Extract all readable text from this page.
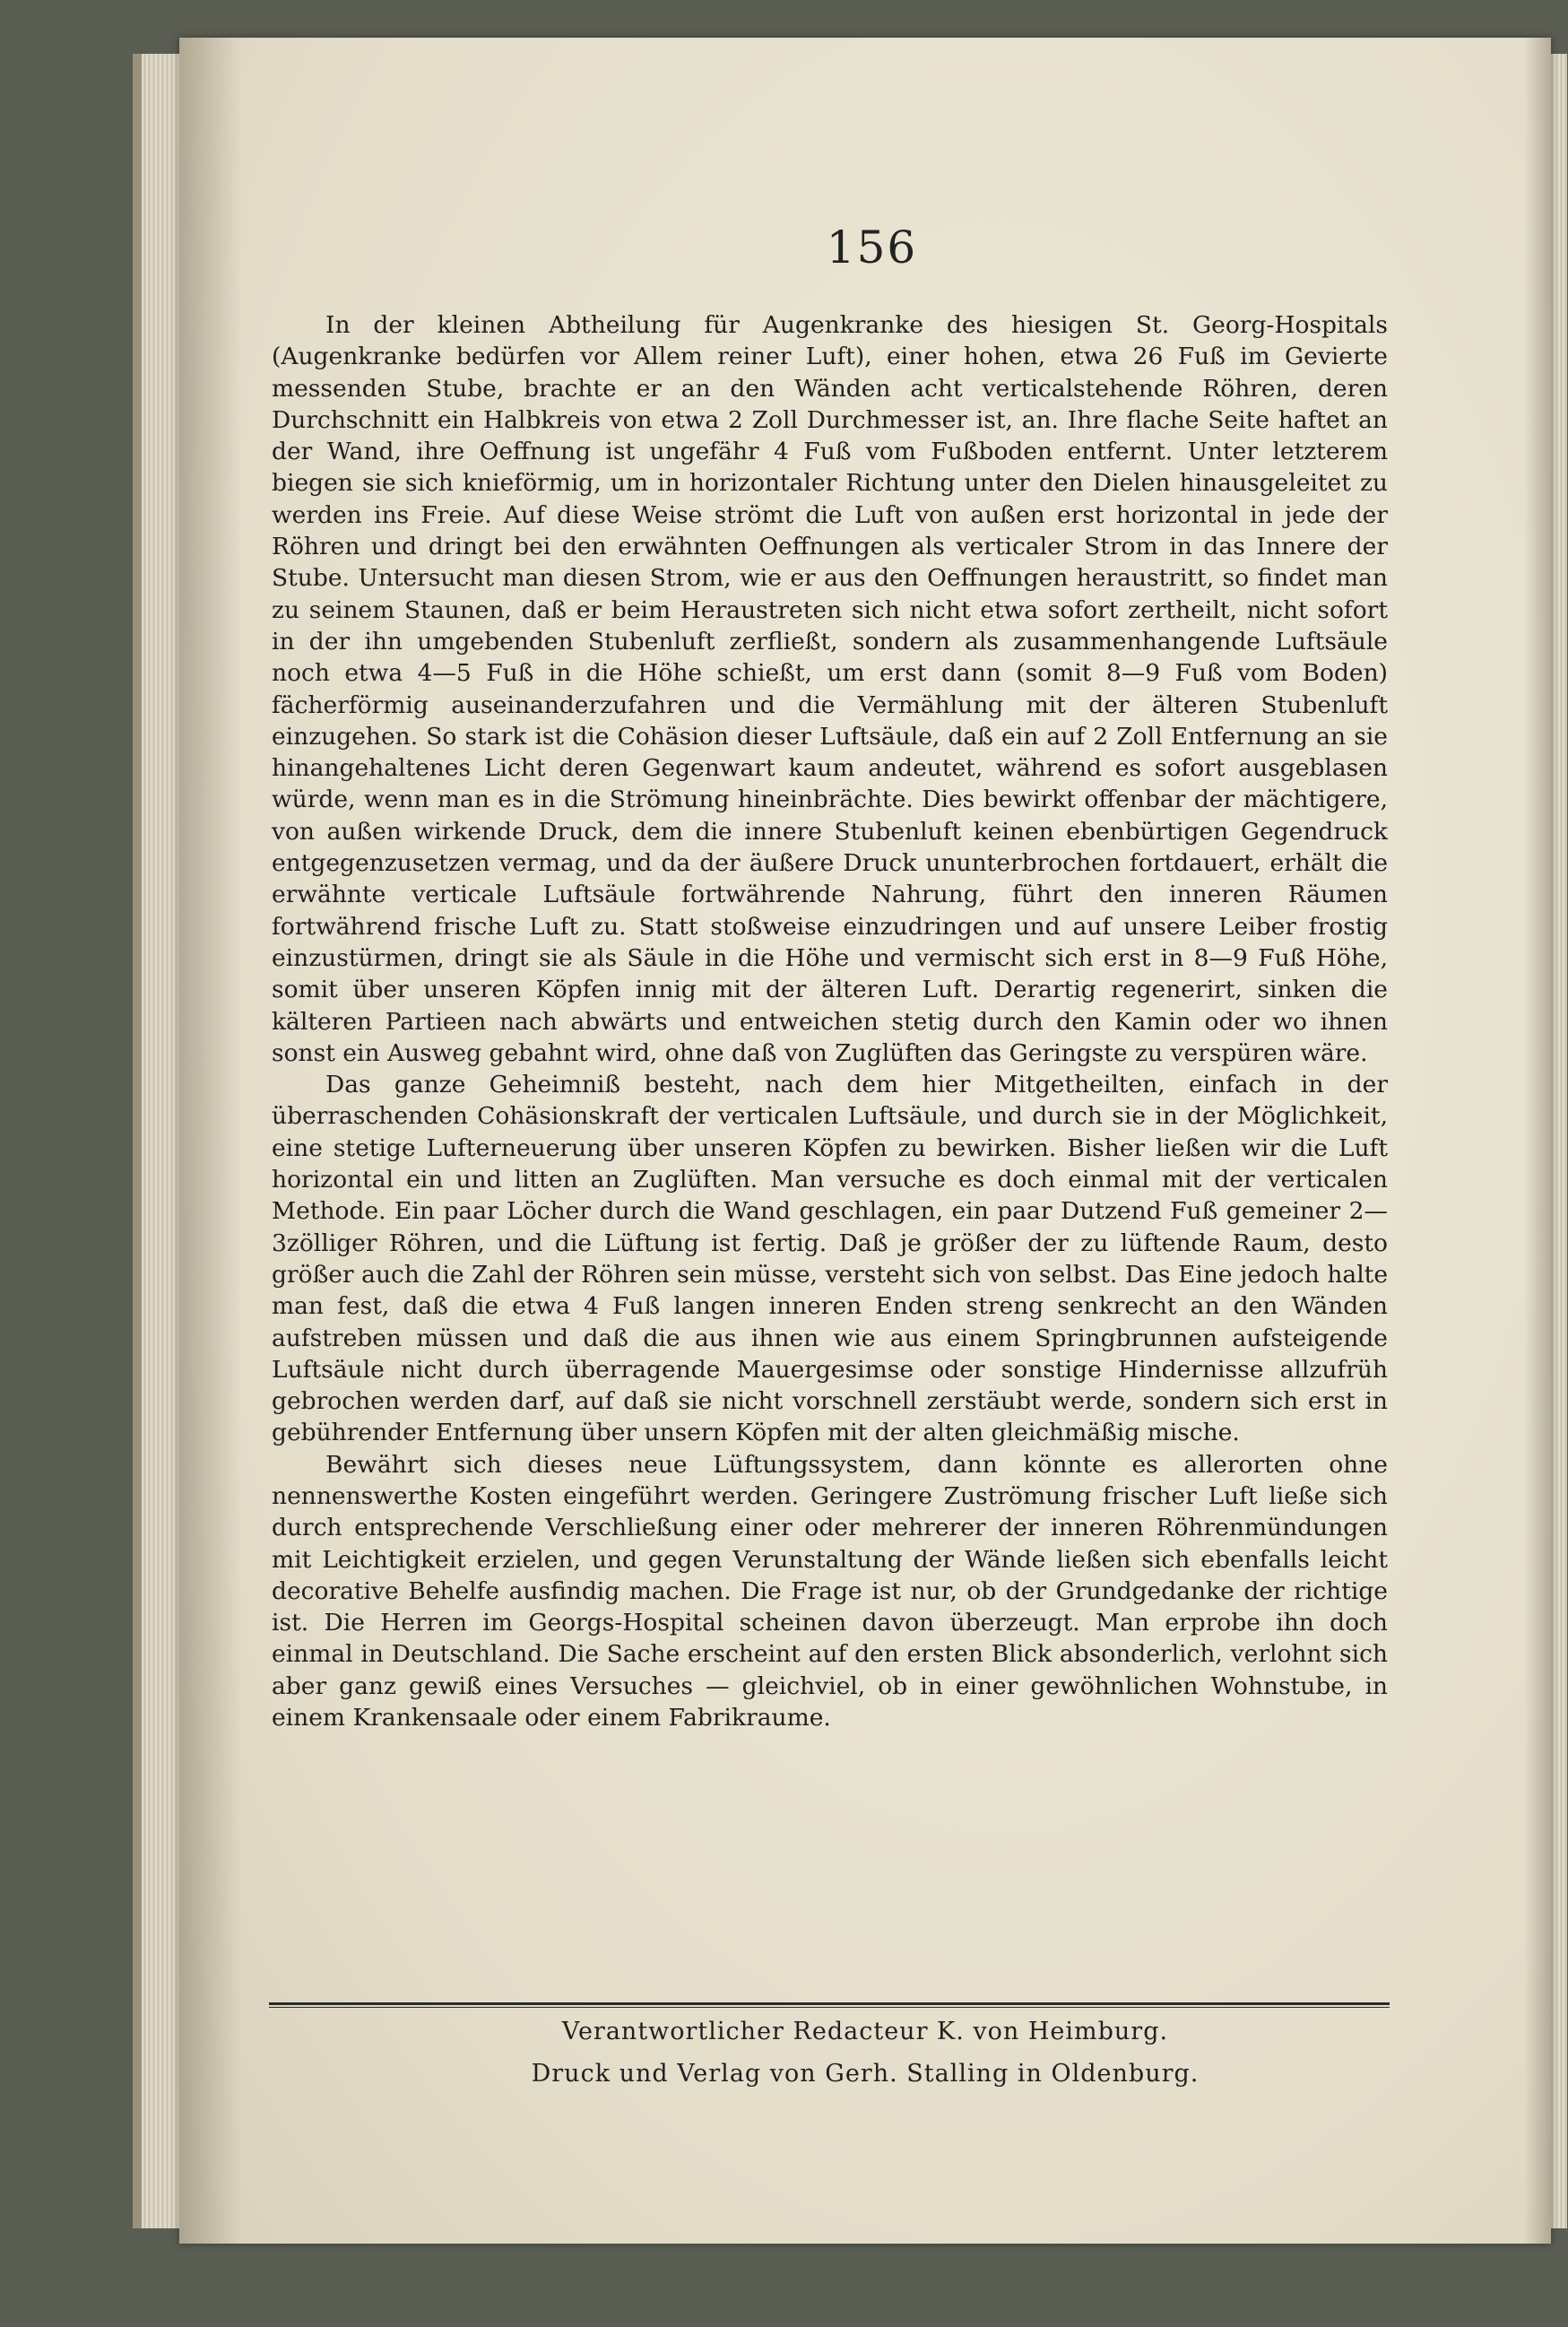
156

In der kleinen Abtheilung für Augenkranke des hiesigen St. Georg-Hospitals (Augenkranke bedürfen vor Allem reiner Luft), einer hohen, etwa 26 Fuß im Gevierte messenden Stube, brachte er an den Wänden acht verticalstehende Röhren, deren Durchschnitt ein Halbkreis von etwa 2 Zoll Durchmesser ist, an. Ihre flache Seite haftet an der Wand, ihre Oeffnung ist ungefähr 4 Fuß vom Fußboden entfernt. Unter letzterem biegen sie sich knieförmig, um in horizontaler Richtung unter den Dielen hinausgeleitet zu werden ins Freie. Auf diese Weise strömt die Luft von außen erst horizontal in jede der Röhren und dringt bei den erwähnten Oeffnungen als verticaler Strom in das Innere der Stube. Untersucht man diesen Strom, wie er aus den Oeffnungen heraustritt, so findet man zu seinem Staunen, daß er beim Heraustreten sich nicht etwa sofort zertheilt, nicht sofort in der ihn umgebenden Stubenluft zerfließt, sondern als zusammenhangende Luftsäule noch etwa 4—5 Fuß in die Höhe schießt, um erst dann (somit 8—9 Fuß vom Boden) fächerförmig auseinanderzufahren und die Vermählung mit der älteren Stubenluft einzugehen. So stark ist die Cohäsion dieser Luftsäule, daß ein auf 2 Zoll Entfernung an sie hinangehaltenes Licht deren Gegenwart kaum andeutet, während es sofort ausgeblasen würde, wenn man es in die Strömung hineinbrächte. Dies bewirkt offenbar der mächtigere, von außen wirkende Druck, dem die innere Stubenluft keinen ebenbürtigen Gegendruck entgegenzusetzen vermag, und da der äußere Druck ununterbrochen fortdauert, erhält die erwähnte verticale Luftsäule fortwährende Nahrung, führt den inneren Räumen fortwährend frische Luft zu. Statt stoßweise einzudringen und auf unsere Leiber frostig einzustürmen, dringt sie als Säule in die Höhe und vermischt sich erst in 8—9 Fuß Höhe, somit über unseren Köpfen innig mit der älteren Luft. Derartig regenerirt, sinken die kälteren Partieen nach abwärts und entweichen stetig durch den Kamin oder wo ihnen sonst ein Ausweg gebahnt wird, ohne daß von Zuglüften das Geringste zu verspüren wäre.

Das ganze Geheimniß besteht, nach dem hier Mitgetheilten, einfach in der überraschenden Cohäsionskraft der verticalen Luftsäule, und durch sie in der Möglichkeit, eine stetige Lufterneuerung über unseren Köpfen zu bewirken. Bisher ließen wir die Luft horizontal ein und litten an Zuglüften. Man versuche es doch einmal mit der verticalen Methode. Ein paar Löcher durch die Wand geschlagen, ein paar Dutzend Fuß gemeiner 2—3zölliger Röhren, und die Lüftung ist fertig. Daß je größer der zu lüftende Raum, desto größer auch die Zahl der Röhren sein müsse, versteht sich von selbst. Das Eine jedoch halte man fest, daß die etwa 4 Fuß langen inneren Enden streng senkrecht an den Wänden aufstreben müssen und daß die aus ihnen wie aus einem Springbrunnen aufsteigende Luftsäule nicht durch überragende Mauergesimse oder sonstige Hindernisse allzufrüh gebrochen werden darf, auf daß sie nicht vorschnell zerstäubt werde, sondern sich erst in gebührender Entfernung über unsern Köpfen mit der alten gleichmäßig mische.

Bewährt sich dieses neue Lüftungssystem, dann könnte es allerorten ohne nennenswerthe Kosten eingeführt werden. Geringere Zuströmung frischer Luft ließe sich durch entsprechende Verschließung einer oder mehrerer der inneren Röhrenmündungen mit Leichtigkeit erzielen, und gegen Verunstaltung der Wände ließen sich ebenfalls leicht decorative Behelfe ausfindig machen. Die Frage ist nur, ob der Grundgedanke der richtige ist. Die Herren im Georgs-Hospital scheinen davon überzeugt. Man erprobe ihn doch einmal in Deutschland. Die Sache erscheint auf den ersten Blick absonderlich, verlohnt sich aber ganz gewiß eines Versuches — gleichviel, ob in einer gewöhnlichen Wohnstube, in einem Krankensaale oder einem Fabrikraume.

Verantwortlicher Redacteur K. von Heimburg.
Druck und Verlag von Gerh. Stalling in Oldenburg.
